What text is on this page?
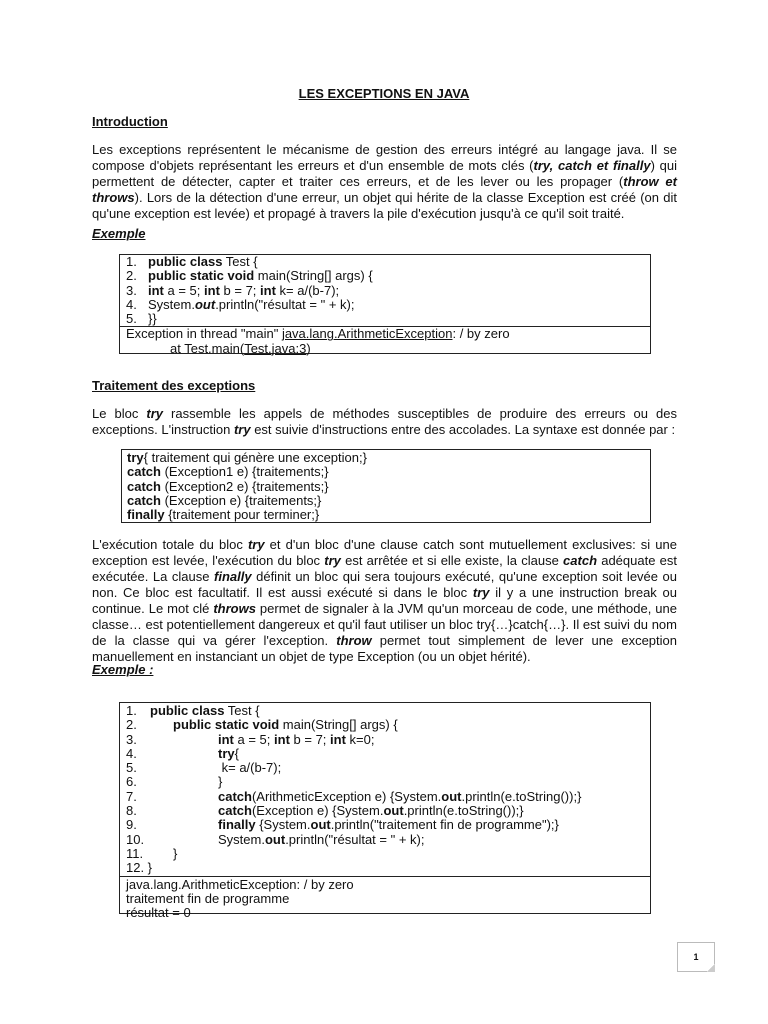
LES EXCEPTIONS EN JAVA
Introduction
Les exceptions représentent le mécanisme de gestion des erreurs intégré au langage java. Il se compose d'objets représentant les erreurs et d'un ensemble de mots clés (try, catch et finally) qui permettent de détecter, capter et traiter ces erreurs, et de les lever ou les propager (throw et throws). Lors de la détection d'une erreur, un objet qui hérite de la classe Exception est créé (on dit qu'une exception est levée) et propagé à travers la pile d'exécution jusqu'à ce qu'il soit traité.
Exemple
1. public class Test {
2. public static void main(String[] args) {
3. int a = 5; int b = 7; int k= a/(b-7);
4. System.out.println("résultat = " + k);
5. }}
Exception in thread "main" java.lang.ArithmeticException: / by zero
at Test.main(Test.java:3)
Traitement des exceptions
Le bloc try rassemble les appels de méthodes susceptibles de produire des erreurs ou des exceptions. L'instruction try est suivie d'instructions entre des accolades. La syntaxe est donnée par :
try{ traitement qui génère une exception;}
catch (Exception1 e) {traitements;}
catch (Exception2 e) {traitements;}
catch (Exception e) {traitements;}
finally {traitement pour terminer;}
L'exécution totale du bloc try et d'un bloc d'une clause catch sont mutuellement exclusives: si une exception est levée, l'exécution du bloc try est arrêtée et si elle existe, la clause catch adéquate est exécutée. La clause finally définit un bloc qui sera toujours exécuté, qu'une exception soit levée ou non. Ce bloc est facultatif. Il est aussi exécuté si dans le bloc try il y a une instruction break ou continue. Le mot clé throws permet de signaler à la JVM qu'un morceau de code, une méthode, une classe… est potentiellement dangereux et qu'il faut utiliser un bloc try{…}catch{…}. Il est suivi du nom de la classe qui va gérer l'exception. throw permet tout simplement de lever une exception manuellement en instanciant un objet de type Exception (ou un objet hérité).
Exemple :
1. public class Test {
2.	public static void main(String[] args) {
3.	int a = 5; int b = 7; int k=0;
4.	try{
5.	k= a/(b-7);
6.	}
7.	catch(ArithmeticException e) {System.out.println(e.toString());}
8.	catch(Exception e) {System.out.println(e.toString());}
9.	finally {System.out.println("traitement fin de programme");}
10.	System.out.println("résultat = " + k);
11. }
12. }
java.lang.ArithmeticException: / by zero
traitement fin de programme
résultat = 0
1
